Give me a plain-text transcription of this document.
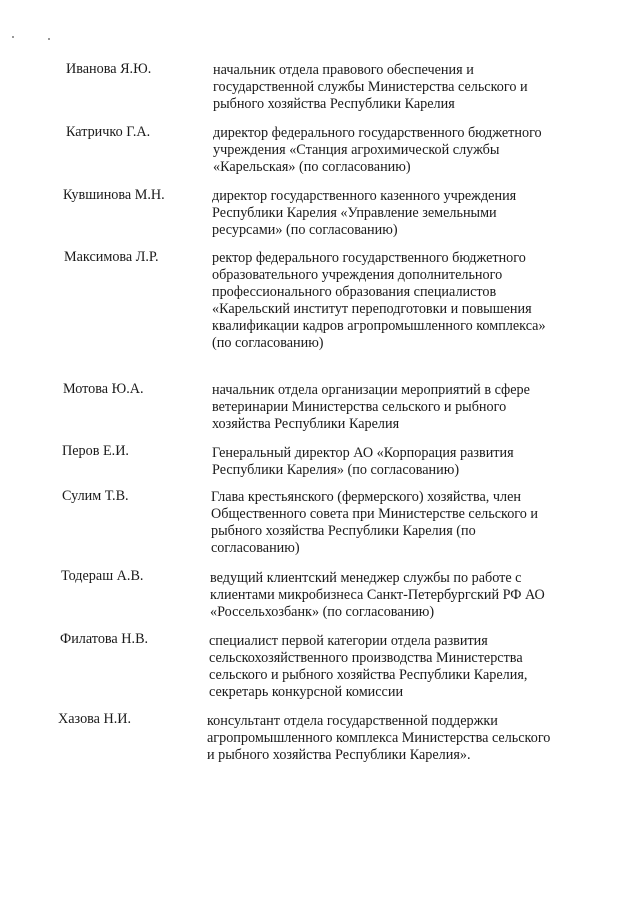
Иванова Я.Ю.	начальник отдела правового обеспечения и
государственной службы Министерства сельского и
рыбного хозяйства Республики Карелия
Катричко Г.А.	директор федерального государственного бюджетного
учреждения «Станция агрохимической службы
«Карельская» (по согласованию)
Кувшинова М.Н.	директор государственного казенного учреждения
Республики Карелия «Управление земельными
ресурсами» (по согласованию)
Максимова Л.Р.	ректор федерального государственного бюджетного
образовательного учреждения дополнительного
профессионального образования специалистов
«Карельский институт переподготовки и повышения
квалификации кадров агропромышленного комплекса»
(по согласованию)
Мотова Ю.А.	начальник отдела организации мероприятий в сфере
ветеринарии Министерства сельского и рыбного
хозяйства Республики Карелия
Перов Е.И.	Генеральный директор АО «Корпорация развития
Республики Карелия» (по согласованию)
Сулим Т.В.	Глава крестьянского (фермерского) хозяйства, член
Общественного совета при Министерстве сельского и
рыбного хозяйства Республики Карелия (по
согласованию)
Тодераш А.В.	ведущий клиентский менеджер службы по работе с
клиентами микробизнеса Санкт-Петербургский РФ АО
«Россельхозбанк» (по согласованию)
Филатова Н.В.	специалист первой категории отдела развития
сельскохозяйственного производства Министерства
сельского и рыбного хозяйства Республики Карелия,
секретарь конкурсной комиссии
Хазова Н.И.	консультант отдела государственной поддержки
агропромышленного комплекса Министерства сельского
и рыбного хозяйства Республики Карелия».
